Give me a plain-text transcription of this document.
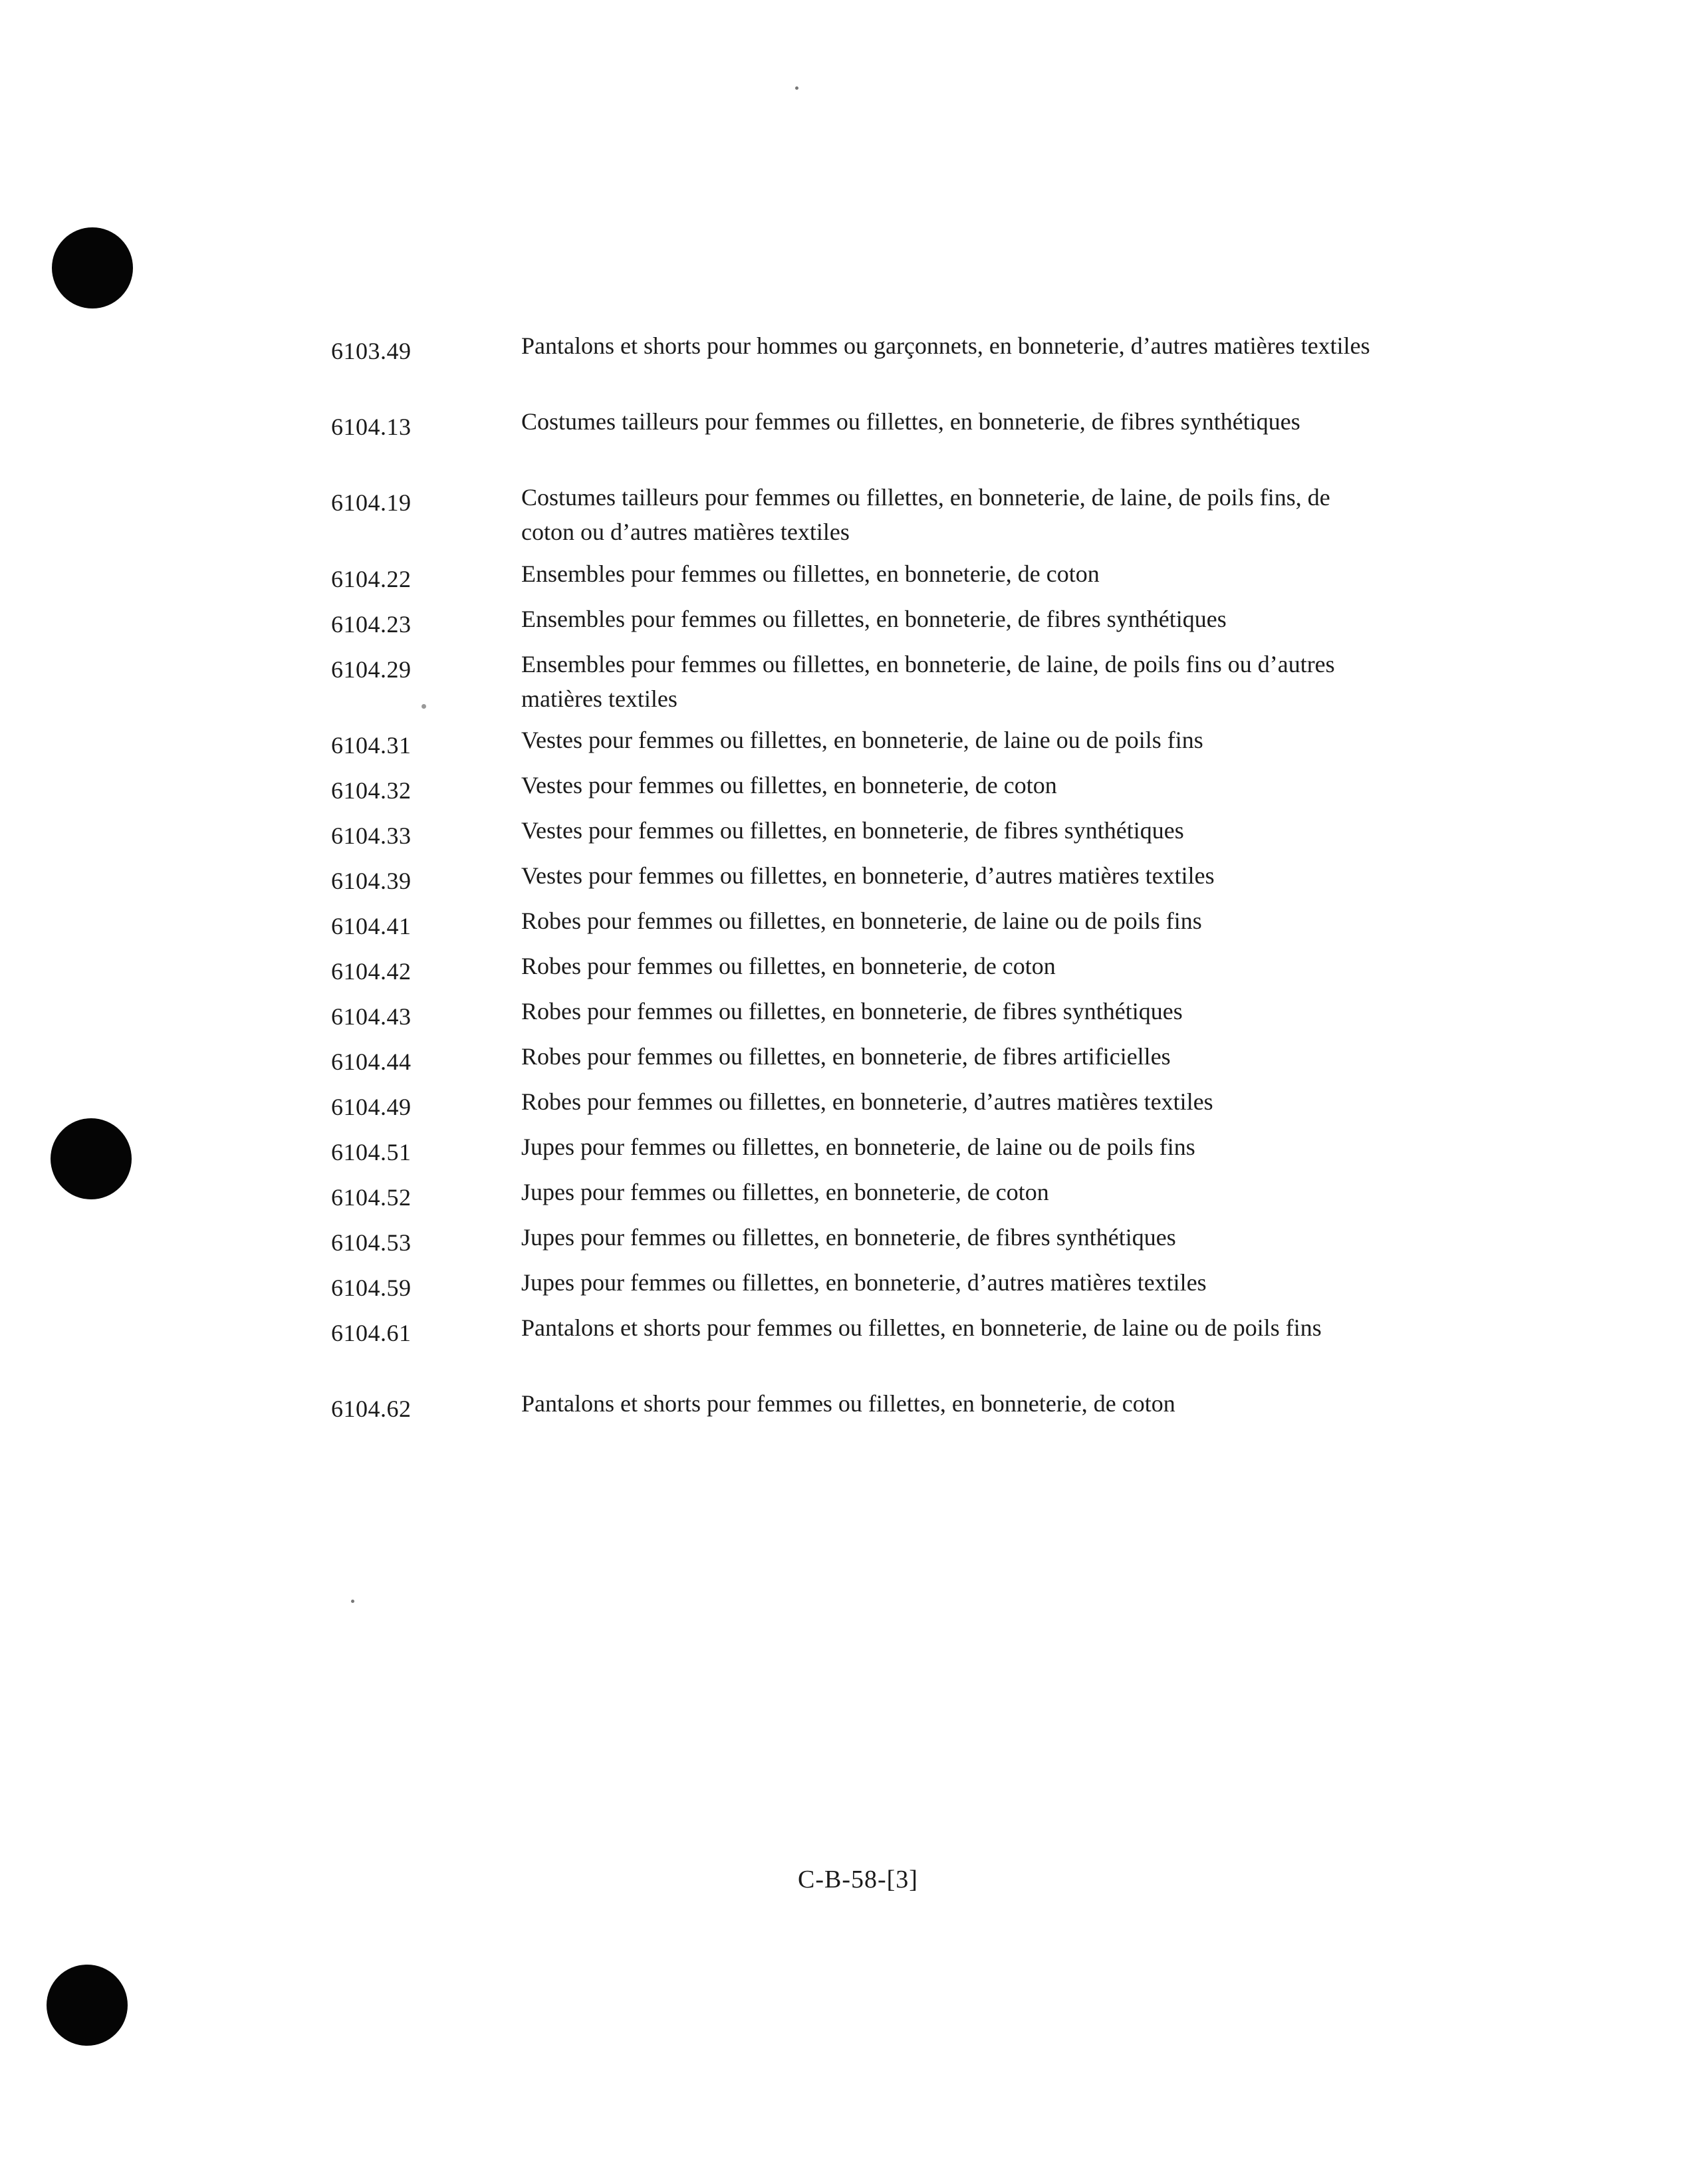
6103.49	Pantalons et shorts pour hommes ou garçonnets, en bonneterie, d’autres matières textiles
6104.13	Costumes tailleurs pour femmes ou fillettes, en bonneterie, de fibres synthétiques
6104.19	Costumes tailleurs pour femmes ou fillettes, en bonneterie, de laine, de poils fins, de coton ou d’autres matières textiles
6104.22	Ensembles pour femmes ou fillettes, en bonneterie, de coton
6104.23	Ensembles pour femmes ou fillettes, en bonneterie, de fibres synthétiques
6104.29	Ensembles pour femmes ou fillettes, en bonneterie, de laine, de poils fins ou d’autres matières textiles
6104.31	Vestes pour femmes ou fillettes, en bonneterie, de laine ou de poils fins
6104.32	Vestes pour femmes ou fillettes, en bonneterie, de coton
6104.33	Vestes pour femmes ou fillettes, en bonneterie, de fibres synthétiques
6104.39	Vestes pour femmes ou fillettes, en bonneterie, d’autres matières textiles
6104.41	Robes pour femmes ou fillettes, en bonneterie, de laine ou de poils fins
6104.42	Robes pour femmes ou fillettes, en bonneterie, de coton
6104.43	Robes pour femmes ou fillettes, en bonneterie, de fibres synthétiques
6104.44	Robes pour femmes ou fillettes, en bonneterie, de fibres artificielles
6104.49	Robes pour femmes ou fillettes, en bonneterie, d’autres matières textiles
6104.51	Jupes pour femmes ou fillettes, en bonneterie, de laine ou de poils fins
6104.52	Jupes pour femmes ou fillettes, en bonneterie, de coton
6104.53	Jupes pour femmes ou fillettes, en bonneterie, de fibres synthétiques
6104.59	Jupes pour femmes ou fillettes, en bonneterie, d’autres matières textiles
6104.61	Pantalons et shorts pour femmes ou fillettes, en bonneterie, de laine ou de poils fins
6104.62	Pantalons et shorts pour femmes ou fillettes, en bonneterie, de coton
C-B-58-[3]
